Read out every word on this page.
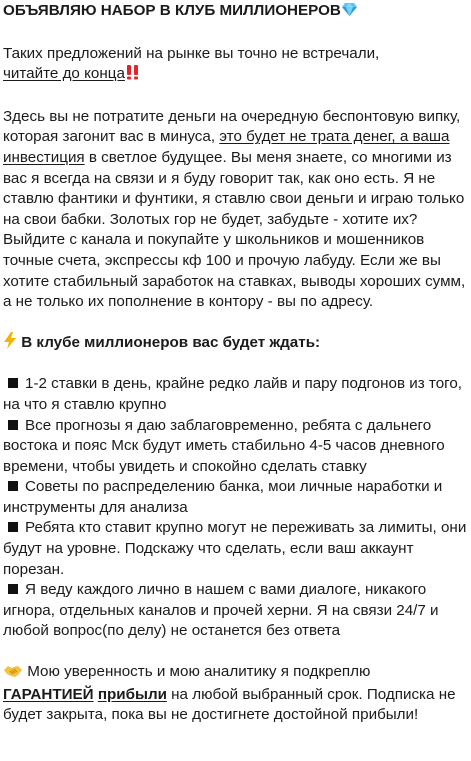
ОБЪЯВЛЯЮ НАБОР В КЛУБ МИЛЛИОНЕРОВ
Таких предложений на рынке вы точно не встречали,
читайте до конца
Здесь вы не потратите деньги на очередную беспонтовую випку, которая загонит вас в минуса, это будет не трата денег, а ваша инвестиция в светлое будущее. Вы меня знаете, со многими из вас я всегда на связи и я буду говорит так, как оно есть. Я не ставлю фантики и фунтики, я ставлю свои деньги и играю только на свои бабки. Золотых гор не будет, забудьте - хотите их? Выйдите с канала и покупайте у школьников и мошенников точные счета, экспрессы кф 100 и прочую лабуду. Если же вы хотите стабильный заработок на ставках, выводы хороших сумм, а не только их пополнение в контору - вы по адресу.
В клубе миллионеров вас будет ждать:
1-2 ставки в день, крайне редко лайв и пару подгонов из того, на что я ставлю крупно
Все прогнозы я даю заблаговременно, ребята с дальнего востока и пояс Мск будут иметь стабильно 4-5 часов дневного времени, чтобы увидеть и спокойно сделать ставку
Советы по распределению банка, мои личные наработки и инструменты для анализа
Ребята кто ставит крупно могут не переживать за лимиты, они будут на уровне. Подскажу что сделать, если ваш аккаунт порезан.
Я веду каждого лично в нашем с вами диалоге, никакого игнора, отдельных каналов и прочей херни. Я на связи 24/7 и любой вопрос(по делу) не останется без ответа
Мою уверенность и мою аналитику я подкреплю
ГАРАНТИЕЙ прибыли на любой выбранный срок. Подписка не будет закрыта, пока вы не достигнете достойной прибыли!
